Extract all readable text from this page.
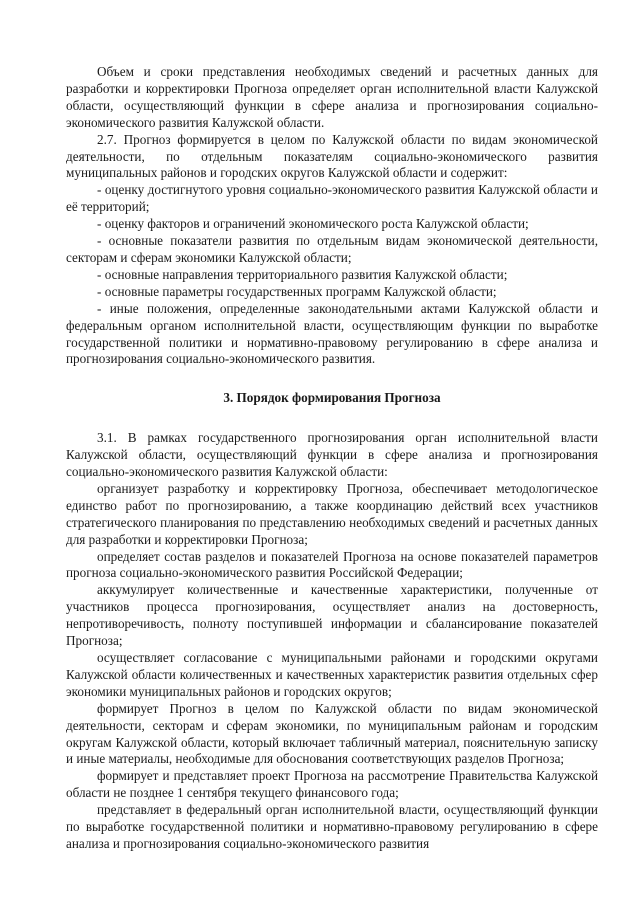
Объем и сроки представления необходимых сведений и расчетных данных для разработки и корректировки Прогноза определяет орган исполнительной власти Калужской области, осуществляющий функции в сфере анализа и прогнозирования социально-экономического развития Калужской области.

2.7. Прогноз формируется в целом по Калужской области по видам экономической деятельности, по отдельным показателям социально-экономического развития муниципальных районов и городских округов Калужской области и содержит:

- оценку достигнутого уровня социально-экономического развития Калужской области и её территорий;

- оценку факторов и ограничений экономического роста Калужской области;

- основные показатели развития по отдельным видам экономической деятельности, секторам и сферам экономики Калужской области;

- основные направления территориального развития Калужской области;

- основные параметры государственных программ Калужской области;

- иные положения, определенные законодательными актами Калужской области и федеральным органом исполнительной власти, осуществляющим функции по выработке государственной политики и нормативно-правовому регулированию в сфере анализа и прогнозирования социально-экономического развития.

3. Порядок формирования Прогноза

3.1. В рамках государственного прогнозирования орган исполнительной власти Калужской области, осуществляющий функции в сфере анализа и прогнозирования социально-экономического развития Калужской области:

организует разработку и корректировку Прогноза, обеспечивает методологическое единство работ по прогнозированию, а также координацию действий всех участников стратегического планирования по представлению необходимых сведений и расчетных данных для разработки и корректировки Прогноза;

определяет состав разделов и показателей Прогноза на основе показателей параметров прогноза социально-экономического развития Российской Федерации;

аккумулирует количественные и качественные характеристики, полученные от участников процесса прогнозирования, осуществляет анализ на достоверность, непротиворечивость, полноту поступившей информации и сбалансирование показателей Прогноза;

осуществляет согласование с муниципальными районами и городскими округами Калужской области количественных и качественных характеристик развития отдельных сфер экономики муниципальных районов и городских округов;

формирует Прогноз в целом по Калужской области по видам экономической деятельности, секторам и сферам экономики, по муниципальным районам и городским округам Калужской области, который включает табличный материал, пояснительную записку и иные материалы, необходимые для обоснования соответствующих разделов Прогноза;

формирует и представляет проект Прогноза на рассмотрение Правительства Калужской области не позднее 1 сентября текущего финансового года;

представляет в федеральный орган исполнительной власти, осуществляющий функции по выработке государственной политики и нормативно-правовому регулированию в сфере анализа и прогнозирования социально-экономического развития
